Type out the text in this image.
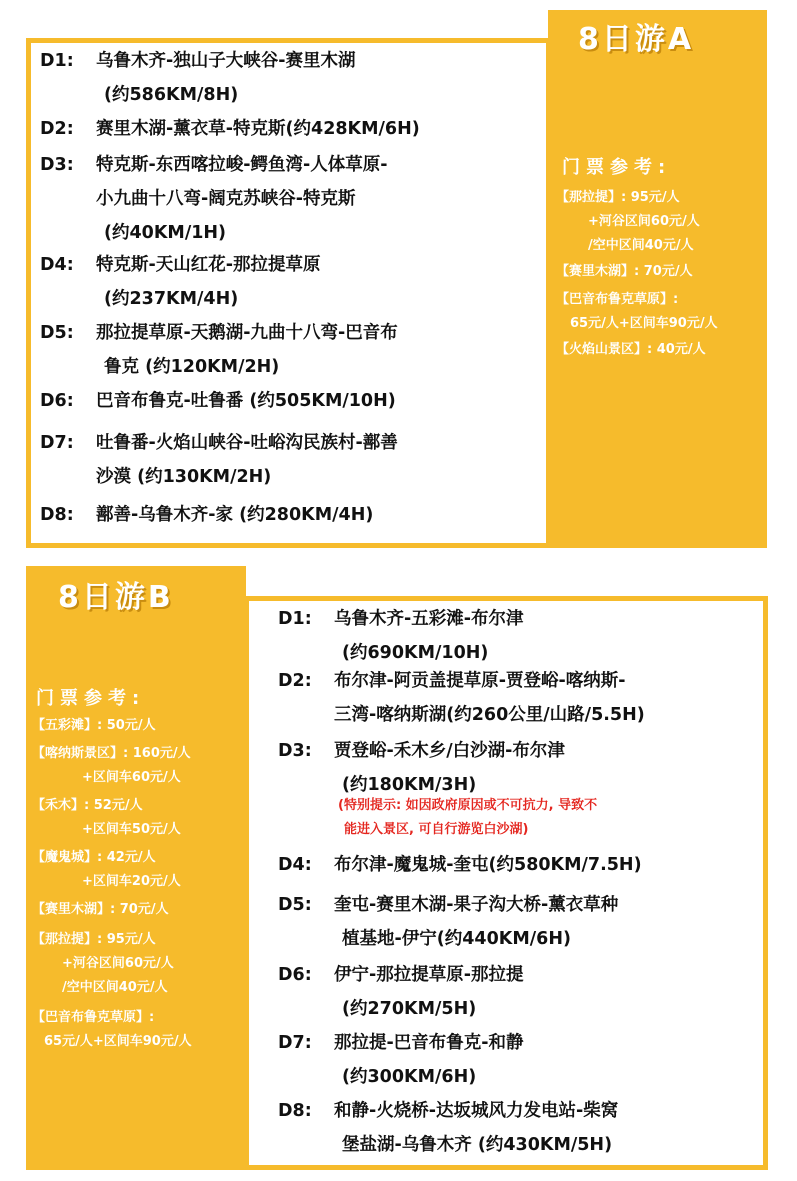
8日游A
D1: 乌鲁木齐-独山子大峡谷-赛里木湖
(约586KM/8H)
D2: 赛里木湖-薰衣草-特克斯(约428KM/6H)
D3: 特克斯-东西喀拉峻-鳄鱼湾-人体草原-
小九曲十八弯-阔克苏峡谷-特克斯
(约40KM/1H)
D4: 特克斯-天山红花-那拉提草原
(约237KM/4H)
D5: 那拉提草原-天鹅湖-九曲十八弯-巴音布
鲁克 (约120KM/2H)
D6: 巴音布鲁克-吐鲁番 (约505KM/10H)
D7: 吐鲁番-火焰山峡谷-吐峪沟民族村-鄯善
沙漠 (约130KM/2H)
D8: 鄯善-乌鲁木齐-家 (约280KM/4H)
门票参考:
【那拉提】: 95元/人
+河谷区间60元/人
/空中区间40元/人
【赛里木湖】: 70元/人
【巴音布鲁克草原】:
65元/人+区间车90元/人
【火焰山景区】: 40元/人
8日游B
门票参考:
【五彩滩】: 50元/人
【喀纳斯景区】: 160元/人
+区间车60元/人
【禾木】: 52元/人
+区间车50元/人
【魔鬼城】: 42元/人
+区间车20元/人
【赛里木湖】: 70元/人
【那拉提】: 95元/人
+河谷区间60元/人
/空中区间40元/人
【巴音布鲁克草原】:
65元/人+区间车90元/人
D1: 乌鲁木齐-五彩滩-布尔津
(约690KM/10H)
D2: 布尔津-阿贡盖提草原-贾登峪-喀纳斯-
三湾-喀纳斯湖(约260公里/山路/5.5H)
D3: 贾登峪-禾木乡/白沙湖-布尔津
(约180KM/3H)
(特别提示: 如因政府原因或不可抗力, 导致不
能进入景区, 可自行游览白沙湖)
D4: 布尔津-魔鬼城-奎屯(约580KM/7.5H)
D5: 奎屯-赛里木湖-果子沟大桥-薰衣草种
植基地-伊宁(约440KM/6H)
D6: 伊宁-那拉提草原-那拉提
(约270KM/5H)
D7: 那拉提-巴音布鲁克-和静
(约300KM/6H)
D8: 和静-火烧桥-达坂城风力发电站-柴窝
堡盐湖-乌鲁木齐 (约430KM/5H)
